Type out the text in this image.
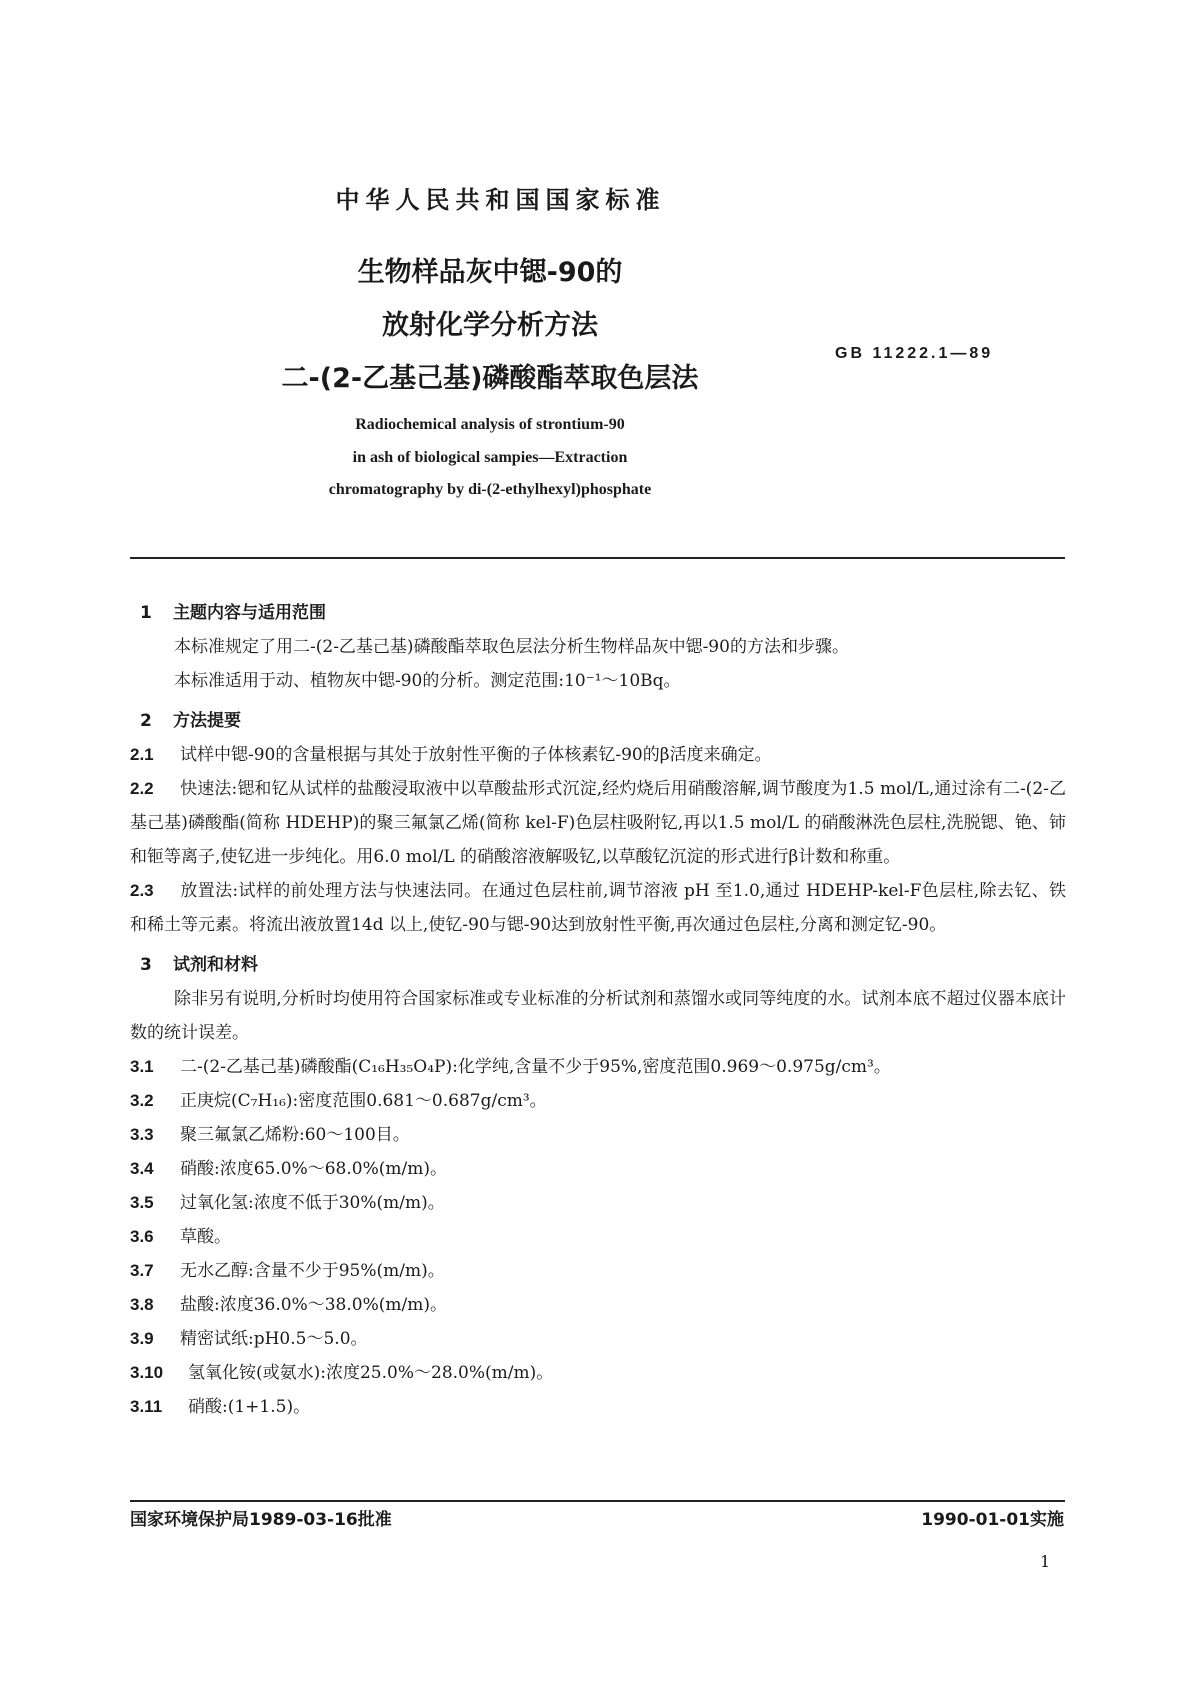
中华人民共和国国家标准
生物样品灰中锶-90的
放射化学分析方法
二-(2-乙基己基)磷酸酯萃取色层法
GB 11222.1—89
Radiochemical analysis of strontium-90
in ash of biological sampies—Extraction
chromatography by di-(2-ethylhexyl)phosphate
1 主题内容与适用范围

本标准规定了用二-(2-乙基己基)磷酸酯萃取色层法分析生物样品灰中锶-90的方法和步骤。

本标准适用于动、植物灰中锶-90的分析。测定范围:10⁻¹～10Bq。

2 方法提要

2.1 试样中锶-90的含量根据与其处于放射性平衡的子体核素钇-90的β活度来确定。

2.2 快速法:锶和钇从试样的盐酸浸取液中以草酸盐形式沉淀,经灼烧后用硝酸溶解,调节酸度为1.5 mol/L,通过涂有二-(2-乙基己基)磷酸酯(简称 HDEHP)的聚三氟氯乙烯(简称 kel-F)色层柱吸附钇,再以1.5 mol/L 的硝酸淋洗色层柱,洗脱锶、铯、铈和钷等离子,使钇进一步纯化。用6.0 mol/L 的硝酸溶液解吸钇,以草酸钇沉淀的形式进行β计数和称重。

2.3 放置法:试样的前处理方法与快速法同。在通过色层柱前,调节溶液 pH 至1.0,通过 HDEHP-kel-F色层柱,除去钇、铁和稀土等元素。将流出液放置14d 以上,使钇-90与锶-90达到放射性平衡,再次通过色层柱,分离和测定钇-90。

3 试剂和材料

除非另有说明,分析时均使用符合国家标准或专业标准的分析试剂和蒸馏水或同等纯度的水。试剂本底不超过仪器本底计数的统计误差。

3.1 二-(2-乙基己基)磷酸酯(C₁₆H₃₅O₄P):化学纯,含量不少于95%,密度范围0.969～0.975g/cm³。
3.2 正庚烷(C₇H₁₆):密度范围0.681～0.687g/cm³。
3.3 聚三氟氯乙烯粉:60～100目。
3.4 硝酸:浓度65.0%～68.0%(m/m)。
3.5 过氧化氢:浓度不低于30%(m/m)。
3.6 草酸。
3.7 无水乙醇:含量不少于95%(m/m)。
3.8 盐酸:浓度36.0%～38.0%(m/m)。
3.9 精密试纸:pH0.5～5.0。
3.10 氢氧化铵(或氨水):浓度25.0%～28.0%(m/m)。
3.11 硝酸:(1+1.5)。
国家环境保护局1989-03-16批准	1990-01-01实施
1
